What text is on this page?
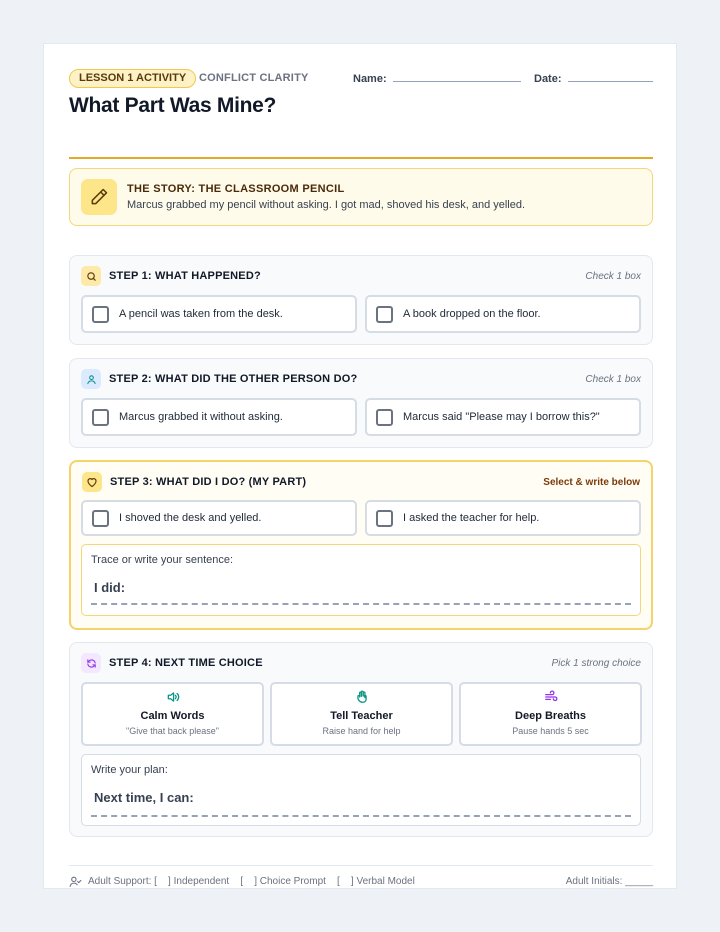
LESSON 1 ACTIVITY	CONFLICT CLARITY	Name:	Date:
What Part Was Mine?
THE STORY: THE CLASSROOM PENCIL
Marcus grabbed my pencil without asking. I got mad, shoved his desk, and yelled.
STEP 1: WHAT HAPPENED?	Check 1 box
A pencil was taken from the desk.	A book dropped on the floor.
STEP 2: WHAT DID THE OTHER PERSON DO?	Check 1 box
Marcus grabbed it without asking.	Marcus said "Please may I borrow this?"
STEP 3: WHAT DID I DO? (MY PART)	Select & write below
I shoved the desk and yelled.	I asked the teacher for help.
Trace or write your sentence:
I did:
STEP 4: NEXT TIME CHOICE	Pick 1 strong choice
Calm Words
"Give that back please"
Tell Teacher
Raise hand for help
Deep Breaths
Pause hands 5 sec
Write your plan:
Next time, I can:
Adult Support: [    ] Independent    [    ] Choice Prompt    [    ] Verbal Model	Adult Initials: _____
